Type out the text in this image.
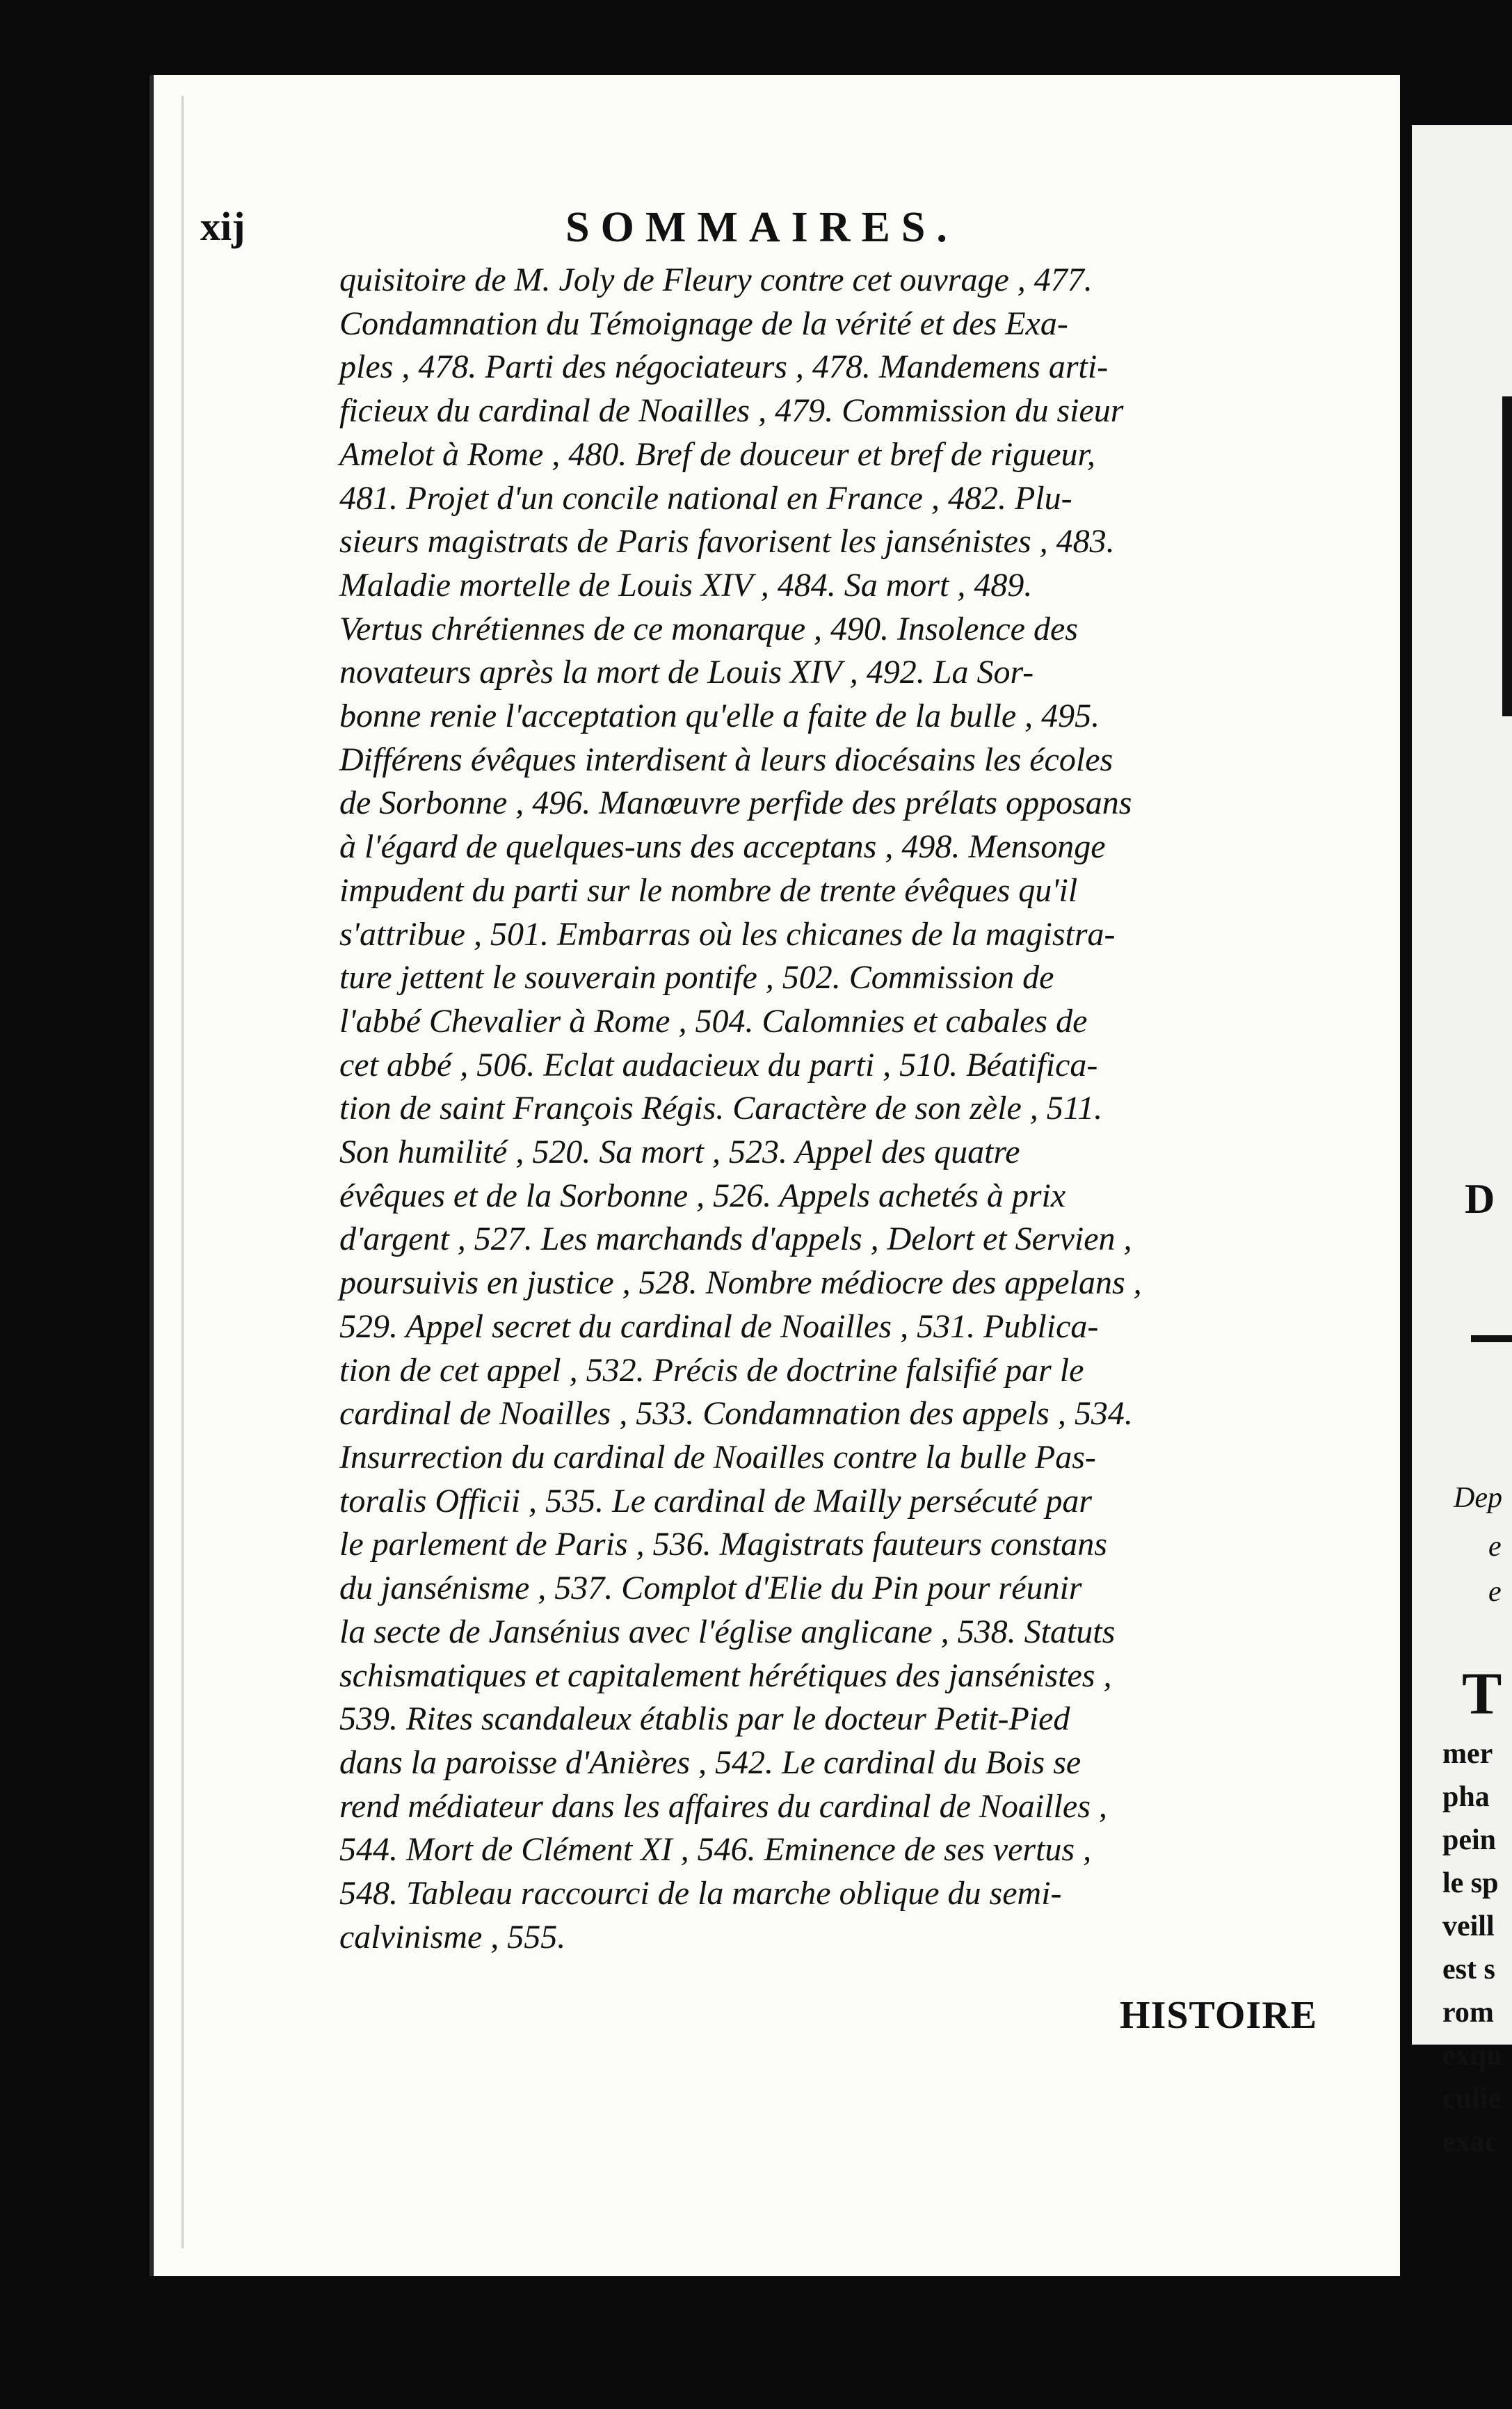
D
Dep
e
e
T
mer
pha
pein
le sp
veill
est s
rom
exqu
culie
exac
xij	SOMMAIRES.
quisitoire de M. Joly de Fleury contre cet ouvrage , 477.
Condamnation du Témoignage de la vérité et des Exa-
ples , 478. Parti des négociateurs , 478. Mandemens arti-
ficieux du cardinal de Noailles , 479. Commission du sieur
Amelot à Rome , 480. Bref de douceur et bref de rigueur,
481. Projet d'un concile national en France , 482. Plu-
sieurs magistrats de Paris favorisent les jansénistes , 483.
Maladie mortelle de Louis XIV , 484. Sa mort , 489.
Vertus chrétiennes de ce monarque , 490. Insolence des
novateurs après la mort de Louis XIV , 492. La Sor-
bonne renie l'acceptation qu'elle a faite de la bulle , 495.
Différens évêques interdisent à leurs diocésains les écoles
de Sorbonne , 496. Manœuvre perfide des prélats opposans
à l'égard de quelques-uns des acceptans , 498. Mensonge
impudent du parti sur le nombre de trente évêques qu'il
s'attribue , 501. Embarras où les chicanes de la magistra-
ture jettent le souverain pontife , 502. Commission de
l'abbé Chevalier à Rome , 504. Calomnies et cabales de
cet abbé , 506. Eclat audacieux du parti , 510. Béatifica-
tion de saint François Régis. Caractère de son zèle , 511.
Son humilité , 520. Sa mort , 523. Appel des quatre
évêques et de la Sorbonne , 526. Appels achetés à prix
d'argent , 527. Les marchands d'appels , Delort et Servien ,
poursuivis en justice , 528. Nombre médiocre des appelans ,
529. Appel secret du cardinal de Noailles , 531. Publica-
tion de cet appel , 532. Précis de doctrine falsifié par le
cardinal de Noailles , 533. Condamnation des appels , 534.
Insurrection du cardinal de Noailles contre la bulle Pas-
toralis Officii , 535. Le cardinal de Mailly persécuté par
le parlement de Paris , 536. Magistrats fauteurs constans
du jansénisme , 537. Complot d'Elie du Pin pour réunir
la secte de Jansénius avec l'église anglicane , 538. Statuts
schismatiques et capitalement hérétiques des jansénistes ,
539. Rites scandaleux établis par le docteur Petit-Pied
dans la paroisse d'Anières , 542. Le cardinal du Bois se
rend médiateur dans les affaires du cardinal de Noailles ,
544. Mort de Clément XI , 546. Eminence de ses vertus ,
548. Tableau raccourci de la marche oblique du semi-
calvinisme , 555.
HISTOIRE
